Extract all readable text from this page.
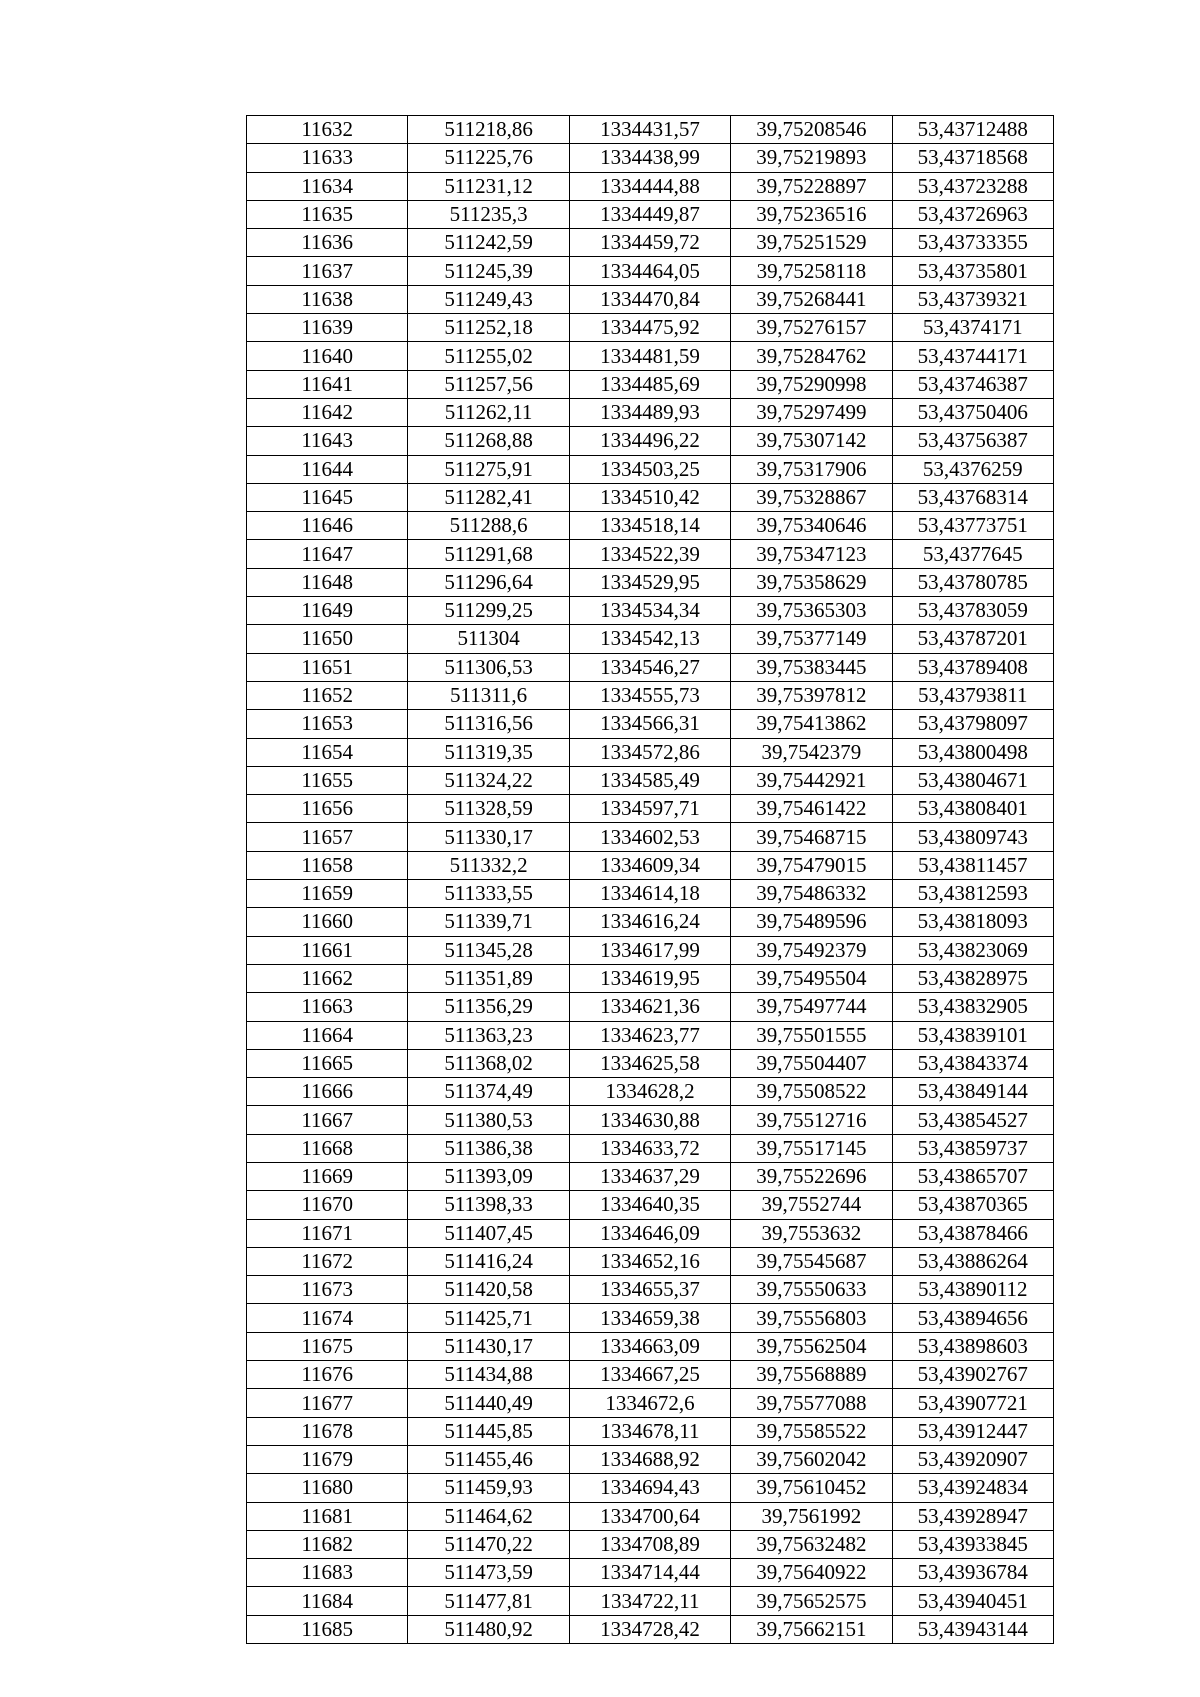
11632	511218,86	1334431,57	39,75208546	53,43712488
11633	511225,76	1334438,99	39,75219893	53,43718568
11634	511231,12	1334444,88	39,75228897	53,43723288
11635	511235,3	1334449,87	39,75236516	53,43726963
11636	511242,59	1334459,72	39,75251529	53,43733355
11637	511245,39	1334464,05	39,75258118	53,43735801
11638	511249,43	1334470,84	39,75268441	53,43739321
11639	511252,18	1334475,92	39,75276157	53,4374171
11640	511255,02	1334481,59	39,75284762	53,43744171
11641	511257,56	1334485,69	39,75290998	53,43746387
11642	511262,11	1334489,93	39,75297499	53,43750406
11643	511268,88	1334496,22	39,75307142	53,43756387
11644	511275,91	1334503,25	39,75317906	53,4376259
11645	511282,41	1334510,42	39,75328867	53,43768314
11646	511288,6	1334518,14	39,75340646	53,43773751
11647	511291,68	1334522,39	39,75347123	53,4377645
11648	511296,64	1334529,95	39,75358629	53,43780785
11649	511299,25	1334534,34	39,75365303	53,43783059
11650	511304	1334542,13	39,75377149	53,43787201
11651	511306,53	1334546,27	39,75383445	53,43789408
11652	511311,6	1334555,73	39,75397812	53,43793811
11653	511316,56	1334566,31	39,75413862	53,43798097
11654	511319,35	1334572,86	39,7542379	53,43800498
11655	511324,22	1334585,49	39,75442921	53,43804671
11656	511328,59	1334597,71	39,75461422	53,43808401
11657	511330,17	1334602,53	39,75468715	53,43809743
11658	511332,2	1334609,34	39,75479015	53,43811457
11659	511333,55	1334614,18	39,75486332	53,43812593
11660	511339,71	1334616,24	39,75489596	53,43818093
11661	511345,28	1334617,99	39,75492379	53,43823069
11662	511351,89	1334619,95	39,75495504	53,43828975
11663	511356,29	1334621,36	39,75497744	53,43832905
11664	511363,23	1334623,77	39,75501555	53,43839101
11665	511368,02	1334625,58	39,75504407	53,43843374
11666	511374,49	1334628,2	39,75508522	53,43849144
11667	511380,53	1334630,88	39,75512716	53,43854527
11668	511386,38	1334633,72	39,75517145	53,43859737
11669	511393,09	1334637,29	39,75522696	53,43865707
11670	511398,33	1334640,35	39,7552744	53,43870365
11671	511407,45	1334646,09	39,7553632	53,43878466
11672	511416,24	1334652,16	39,75545687	53,43886264
11673	511420,58	1334655,37	39,75550633	53,43890112
11674	511425,71	1334659,38	39,75556803	53,43894656
11675	511430,17	1334663,09	39,75562504	53,43898603
11676	511434,88	1334667,25	39,75568889	53,43902767
11677	511440,49	1334672,6	39,75577088	53,43907721
11678	511445,85	1334678,11	39,75585522	53,43912447
11679	511455,46	1334688,92	39,75602042	53,43920907
11680	511459,93	1334694,43	39,75610452	53,43924834
11681	511464,62	1334700,64	39,7561992	53,43928947
11682	511470,22	1334708,89	39,75632482	53,43933845
11683	511473,59	1334714,44	39,75640922	53,43936784
11684	511477,81	1334722,11	39,75652575	53,43940451
11685	511480,92	1334728,42	39,75662151	53,43943144
